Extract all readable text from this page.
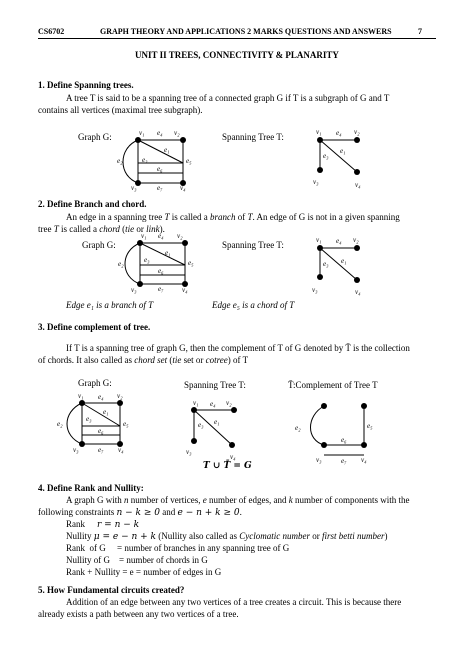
CS6702	GRAPH THEORY AND APPLICATIONS 2 MARKS QUESTIONS AND ANSWERS	7
UNIT II TREES, CONNECTIVITY & PLANARITY
1. Define Spanning trees.
A tree T is said to be a spanning tree of a connected graph G if T is a subgraph of G and T
contains all vertices (maximal tree subgraph).
Graph G:	Spanning Tree T:
2. Define Branch and chord.
An edge in a spanning tree T is called a branch of T. An edge of G is not in a given spanning
tree T is called a chord (tie or link).
Graph G:	Spanning Tree T:
Edge e₁ is a branch of T	Edge e₅ is a chord of T
3. Define complement of tree.
If T is a spanning tree of graph G, then the complement of T of G denoted by T̄ is the collection
of chords. It also called as chord set (tie set or cotree) of T
Graph G:	Spanning Tree T:	T̄:Complement of Tree T
T ∪ T̄ = G
4. Define Rank and Nullity:
A graph G with n number of vertices, e number of edges, and k number of components with the
following constraints n − k ≥ 0 and e − n + k ≥ 0.
Rank r = n − k
Nullity μ = e − n + k (Nullity also called as Cyclomatic number or first betti number)
Rank  of G     = number of branches in any spanning tree of G
Nullity of G    = number of chords in G
Rank + Nullity = e = number of edges in G
5. How Fundamental circuits created?
Addition of an edge between any two vertices of a tree creates a circuit. This is because there
already exists a path between any two vertices of a tree.
v₁ e₄ v₂
e₂	e₃
e₁
e₅
e₆
e₇
v₃	v₄
v₁ e₄ v₂
e₃
e₁
v₃	v₄
v₁ e₄ v₂
e₂	e₃
e₁
e₅
e₆
e₇
v₃	v₄
v₁ e₄ v₂
e₃ e₁
v₃	v₄
v₁ e₄ v₂
e₂
e₃
e₁
e₅
e₆
e₇
v₃	v₄
v₁ e₄ v₂
e₃ e₁
v₃
v₄
e₂	e₅
e₆
e₇
v₃	v₄
